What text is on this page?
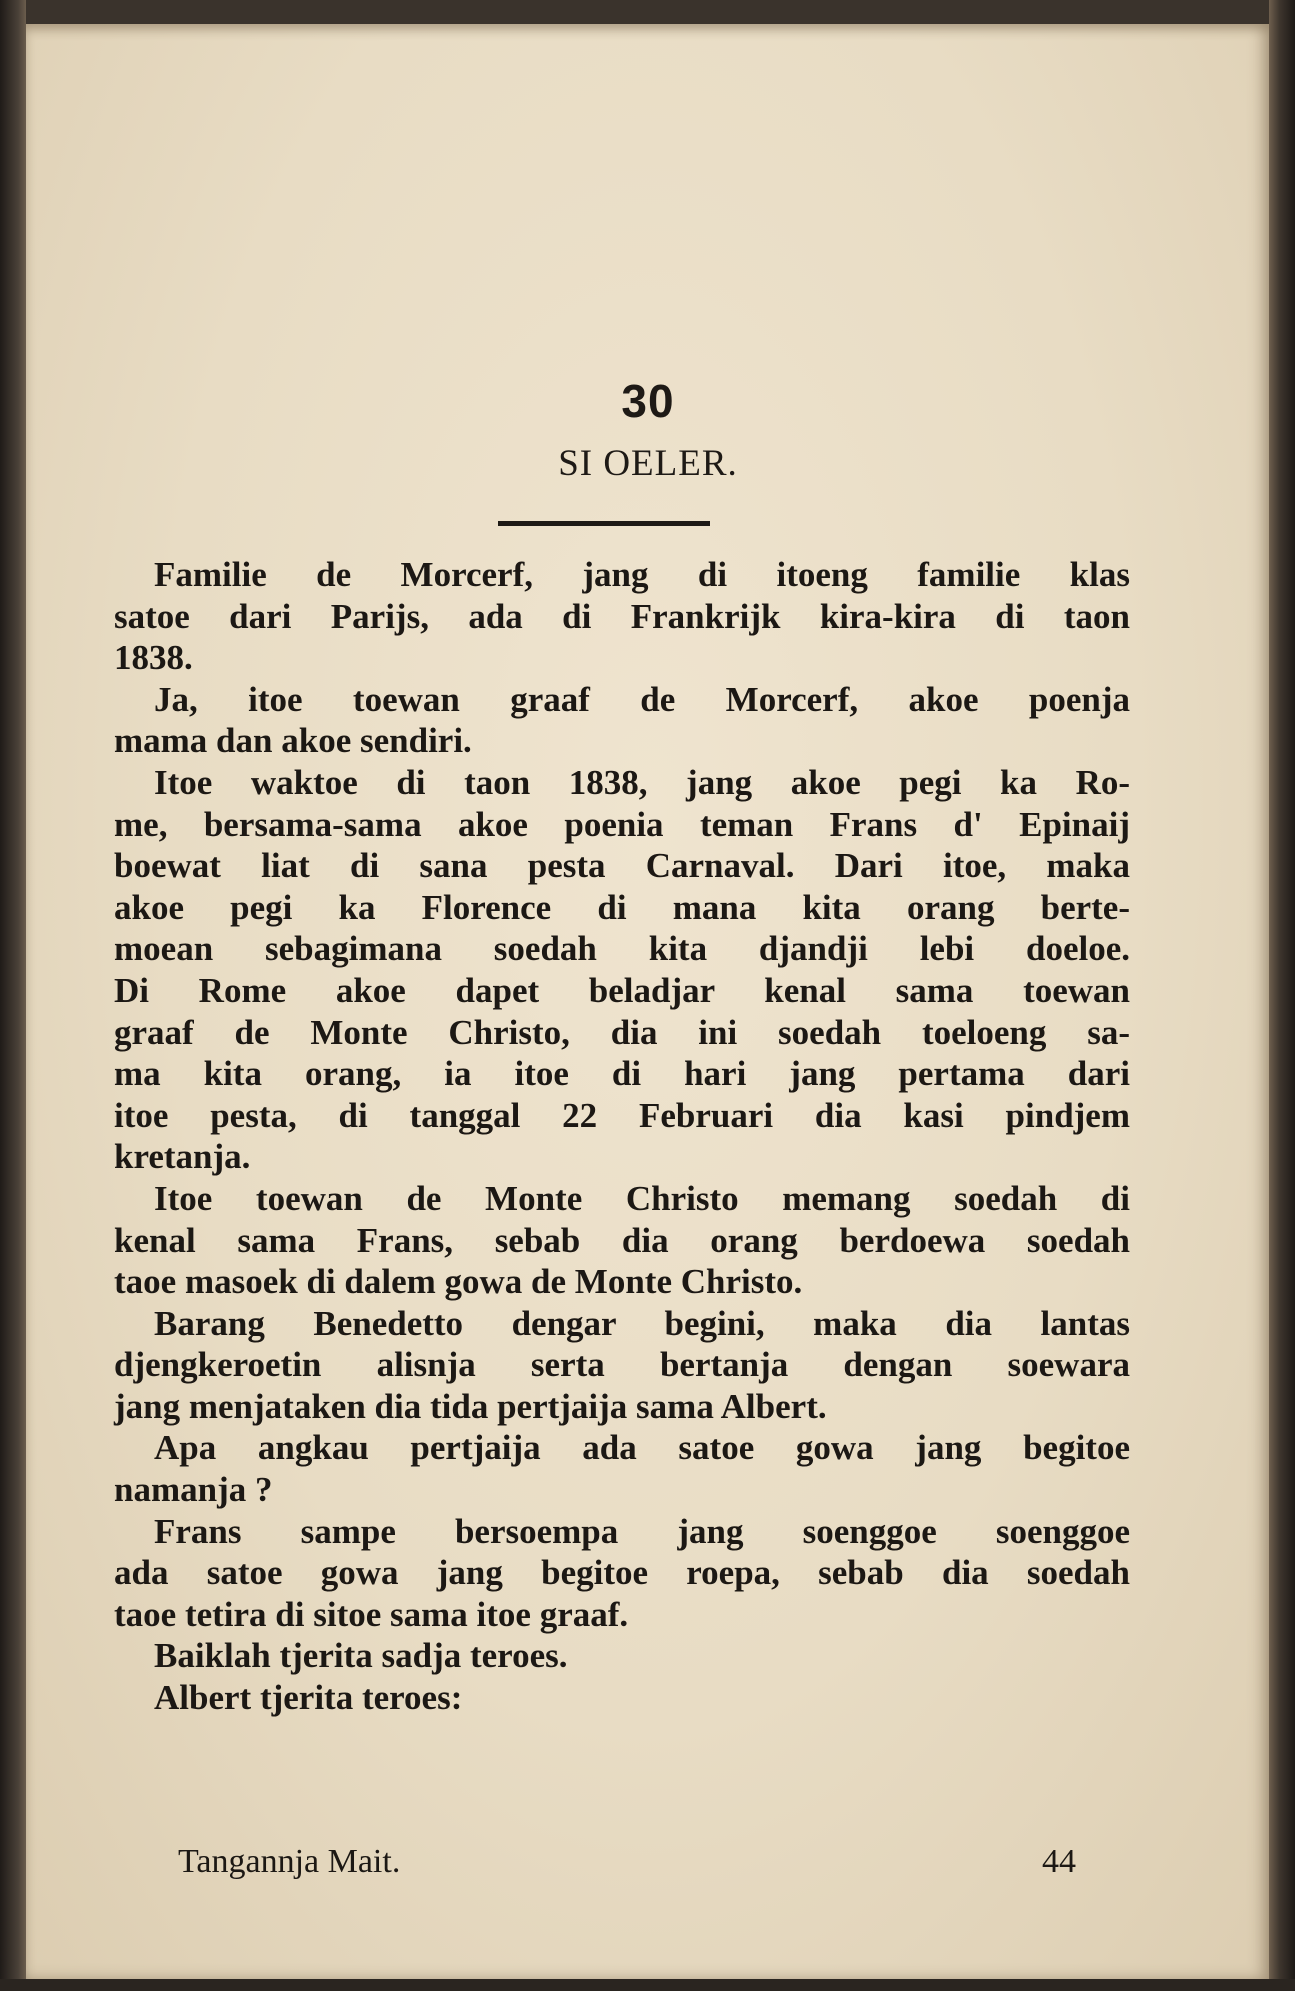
30
SI OELER.
Familie de Morcerf, jang di itoeng familie klas
satoe dari Parijs, ada di Frankrijk kira-kira di taon
1838.
Ja, itoe toewan graaf de Morcerf, akoe poenja
mama dan akoe sendiri.
Itoe waktoe di taon 1838, jang akoe pegi ka Ro-
me, bersama-sama akoe poenia teman Frans d' Epinaij
boewat liat di sana pesta Carnaval. Dari itoe, maka
akoe pegi ka Florence di mana kita orang berte-
moean sebagimana soedah kita djandji lebi doeloe.
Di Rome akoe dapet beladjar kenal sama toewan
graaf de Monte Christo, dia ini soedah toeloeng sa-
ma kita orang, ia itoe di hari jang pertama dari
itoe pesta, di tanggal 22 Februari dia kasi pindjem
kretanja.
Itoe toewan de Monte Christo memang soedah di
kenal sama Frans, sebab dia orang berdoewa soedah
taoe masoek di dalem gowa de Monte Christo.
Barang Benedetto dengar begini, maka dia lantas
djengkeroetin alisnja serta bertanja dengan soewara
jang menjataken dia tida pertjaija sama Albert.
Apa angkau pertjaija ada satoe gowa jang begitoe
namanja ?
Frans sampe bersoempa jang soenggoe soenggoe
ada satoe gowa jang begitoe roepa, sebab dia soedah
taoe tetira di sitoe sama itoe graaf.
Baiklah tjerita sadja teroes.
Albert tjerita teroes:
Tangannja Mait.	44
